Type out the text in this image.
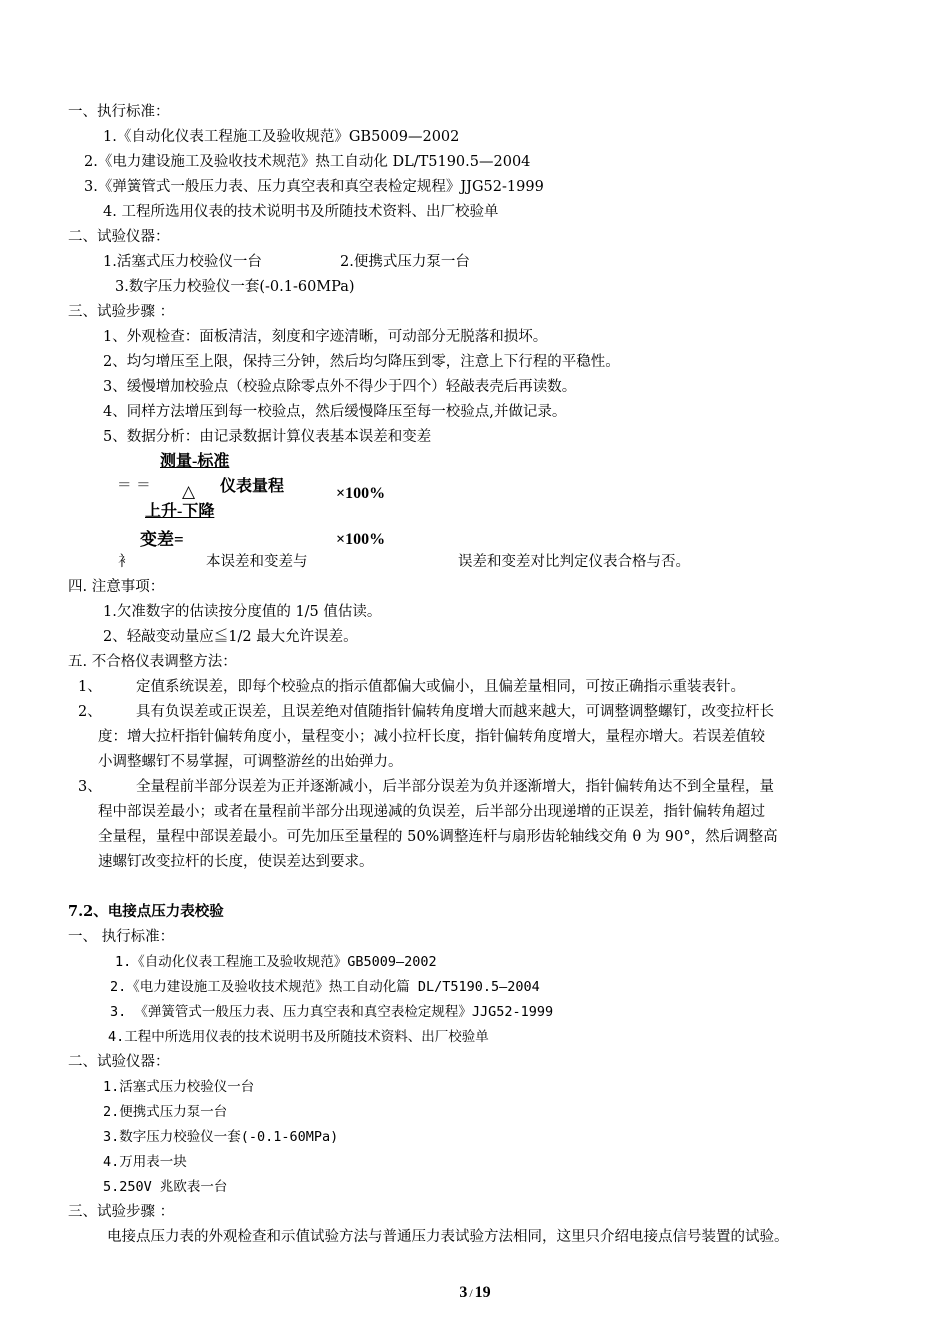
一、执行标准：
1.《自动化仪表工程施工及验收规范》GB5009—2002
2.《电力建设施工及验收技术规范》热工自动化 DL/T5190.5—2004
3.《弹簧管式一般压力表、压力真空表和真空表检定规程》JJG52-1999
4. 工程所选用仪表的技术说明书及所随技术资料、出厂校验单
二、试验仪器：
1.活塞式压力校验仪一台	2.便携式压力泵一台
3.数字压力校验仪一套(-0.1-60MPa)
三、试验步骤 ：
1、外观检查：面板清洁，刻度和字迹清晰，可动部分无脱落和损坏。
2、均匀增压至上限，保持三分钟，然后均匀降压到零，注意上下行程的平稳性。
3、缓慢增加校验点（校验点除零点外不得少于四个）轻敲表壳后再读数。
4、同样方法增压到每一校验点，然后缓慢降压至每一校验点,并做记录。
5、数据分析：由记录数据计算仪表基本误差和变差
测量-标准
＝ ＝ △ 仪表量程	×100%
上升-下降
变差=	×100%
衤	本误差和变差与	误差和变差对比判定仪表合格与否。
四. 注意事项：
1.欠准数字的估读按分度值的 1/5 值估读。
2、轻敲变动量应≦1/2 最大允许误差。
五. 不合格仪表调整方法：
1、 定值系统误差，即每个校验点的指示值都偏大或偏小，且偏差量相同，可按正确指示重装表针。
2、 具有负误差或正误差，且误差绝对值随指针偏转角度增大而越来越大，可调整调整螺钉，改变拉杆长
度：增大拉杆指针偏转角度小，量程变小；减小拉杆长度，指针偏转角度增大，量程亦增大。若误差值较
小调整螺钉不易掌握，可调整游丝的出始弹力。
3、 全量程前半部分误差为正并逐渐减小，后半部分误差为负并逐渐增大，指针偏转角达不到全量程，量
程中部误差最小；或者在量程前半部分出现递减的负误差，后半部分出现递增的正误差，指针偏转角超过
全量程，量程中部误差最小。可先加压至量程的 50%调整连杆与扇形齿轮轴线交角 θ 为 90°，然后调整高
速螺钉改变拉杆的长度，使误差达到要求。
7.2、电接点压力表校验
一、 执行标准：
1.《自动化仪表工程施工及验收规范》GB5009—2002
2.《电力建设施工及验收技术规范》热工自动化篇 DL/T5190.5—2004
3. 《弹簧管式一般压力表、压力真空表和真空表检定规程》JJG52-1999
4.工程中所选用仪表的技术说明书及所随技术资料、出厂校验单
二、试验仪器：
1.活塞式压力校验仪一台
2.便携式压力泵一台
3.数字压力校验仪一套(-0.1-60MPa)
4.万用表一块
5.250V 兆欧表一台
三、试验步骤 ：
电接点压力表的外观检查和示值试验方法与普通压力表试验方法相同，这里只介绍电接点信号装置的试验。
3 / 19
